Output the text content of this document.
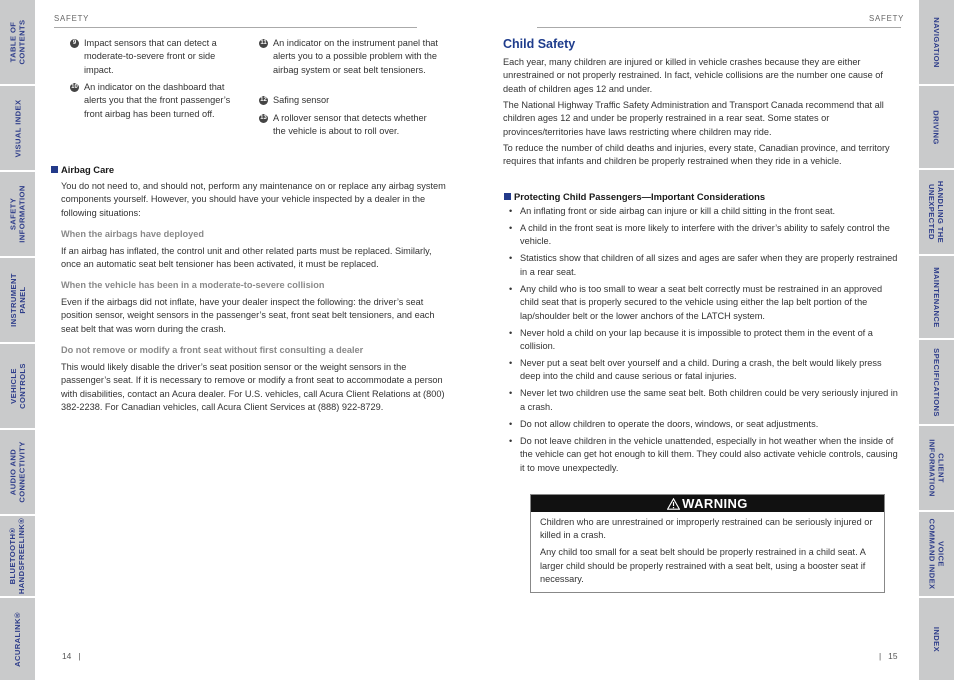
TABLE OF
CONTENTS
VISUAL INDEX
SAFETY
INFORMATION
INSTRUMENT
PANEL
VEHICLE
CONTROLS
AUDIO AND
CONNECTIVITY
BLUETOOTH®
HANDSFREELINK®
ACURALINK®
NAVIGATION
DRIVING
HANDLING THE
UNEXPECTED
MAINTENANCE
SPECIFICATIONS
CLIENT
INFORMATION
VOICE
COMMAND INDEX
INDEX
SAFETY
9 Impact sensors that can detect a moderate-to-severe front or side impact.
10 An indicator on the dashboard that alerts you that the front passenger’s front airbag has been turned off.
11 An indicator on the instrument panel that alerts you to a possible problem with the airbag system or seat belt tensioners.
12 Safing sensor
13 A rollover sensor that detects whether the vehicle is about to roll over.
Airbag Care
You do not need to, and should not, perform any maintenance on or replace any airbag system components yourself. However, you should have your vehicle inspected by a dealer in the following situations:
When the airbags have deployed
If an airbag has inflated, the control unit and other related parts must be replaced. Similarly, once an automatic seat belt tensioner has been activated, it must be replaced.
When the vehicle has been in a moderate-to-severe collision
Even if the airbags did not inflate, have your dealer inspect the following: the driver’s seat position sensor, weight sensors in the passenger’s seat, front seat belt tensioners, and each seat belt that was worn during the crash.
Do not remove or modify a front seat without first consulting a dealer
This would likely disable the driver’s seat position sensor or the weight sensors in the passenger’s seat. If it is necessary to remove or modify a front seat to accommodate a person with disabilities, contact an Acura dealer. For U.S. vehicles, call Acura Client Relations at (800) 382-2238. For Canadian vehicles, call Acura Client Services at (888) 922-8729.
14   |
SAFETY
Child Safety
Each year, many children are injured or killed in vehicle crashes because they are either unrestrained or not properly restrained. In fact, vehicle collisions are the number one cause of death of children ages 12 and under.
The National Highway Traffic Safety Administration and Transport Canada recommend that all children ages 12 and under be properly restrained in a rear seat. Some states or provinces/territories have laws restricting where children may ride.
To reduce the number of child deaths and injuries, every state, Canadian province, and territory requires that infants and children be properly restrained when they ride in a vehicle.
Protecting Child Passengers—Important Considerations
• An inflating front or side airbag can injure or kill a child sitting in the front seat.
• A child in the front seat is more likely to interfere with the driver’s ability to safely control the vehicle.
• Statistics show that children of all sizes and ages are safer when they are properly restrained in a rear seat.
• Any child who is too small to wear a seat belt correctly must be restrained in an approved child seat that is properly secured to the vehicle using either the lap belt portion of the lap/shoulder belt or the lower anchors of the LATCH system.
• Never hold a child on your lap because it is impossible to protect them in the event of a collision.
• Never put a seat belt over yourself and a child. During a crash, the belt would likely press deep into the child and cause serious or fatal injuries.
• Never let two children use the same seat belt. Both children could be very seriously injured in a crash.
• Do not allow children to operate the doors, windows, or seat adjustments.
• Do not leave children in the vehicle unattended, especially in hot weather when the inside of the vehicle can get hot enough to kill them. They could also activate vehicle controls, causing it to move unexpectedly.
WARNING

Children who are unrestrained or improperly restrained can be seriously injured or killed in a crash.

Any child too small for a seat belt should be properly restrained in a child seat. A larger child should be properly restrained with a seat belt, using a booster seat if necessary.

|   15
